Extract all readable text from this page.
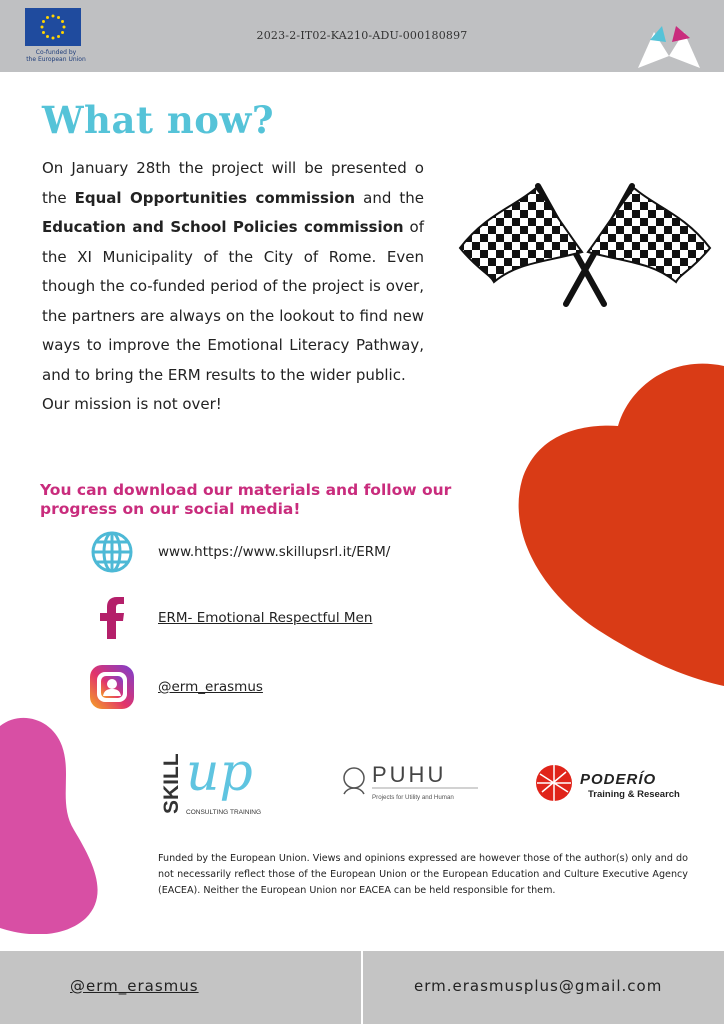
Co-funded by
the European Union
2023-2-IT02-KA210-ADU-000180897
What now?
On January 28th the project will be presented o the Equal Opportunities commission and the Education and School Policies commission of the XI Municipality of the City of Rome. Even though the co-funded period of the project is over, the partners are always on the lookout to find new ways to improve the Emotional Literacy Pathway, and to bring the ERM results to the wider public.
Our mission is not over!
You can download our materials and follow our progress on our social media!
www.https://www.skillupsrl.it/ERM/
ERM- Emotional Respectful Men
@erm_erasmus
SKILL up
CONSULTING TRAINING
PUHU
Projects for Utility and Human
PODERÍO
Training & Research
Funded by the European Union. Views and opinions expressed are however those of the author(s) only and do not necessarily reflect those of the European Union or the European Education and Culture Executive Agency (EACEA). Neither the European Union nor EACEA can be held responsible for them.
@erm_erasmus	erm.erasmusplus@gmail.com
